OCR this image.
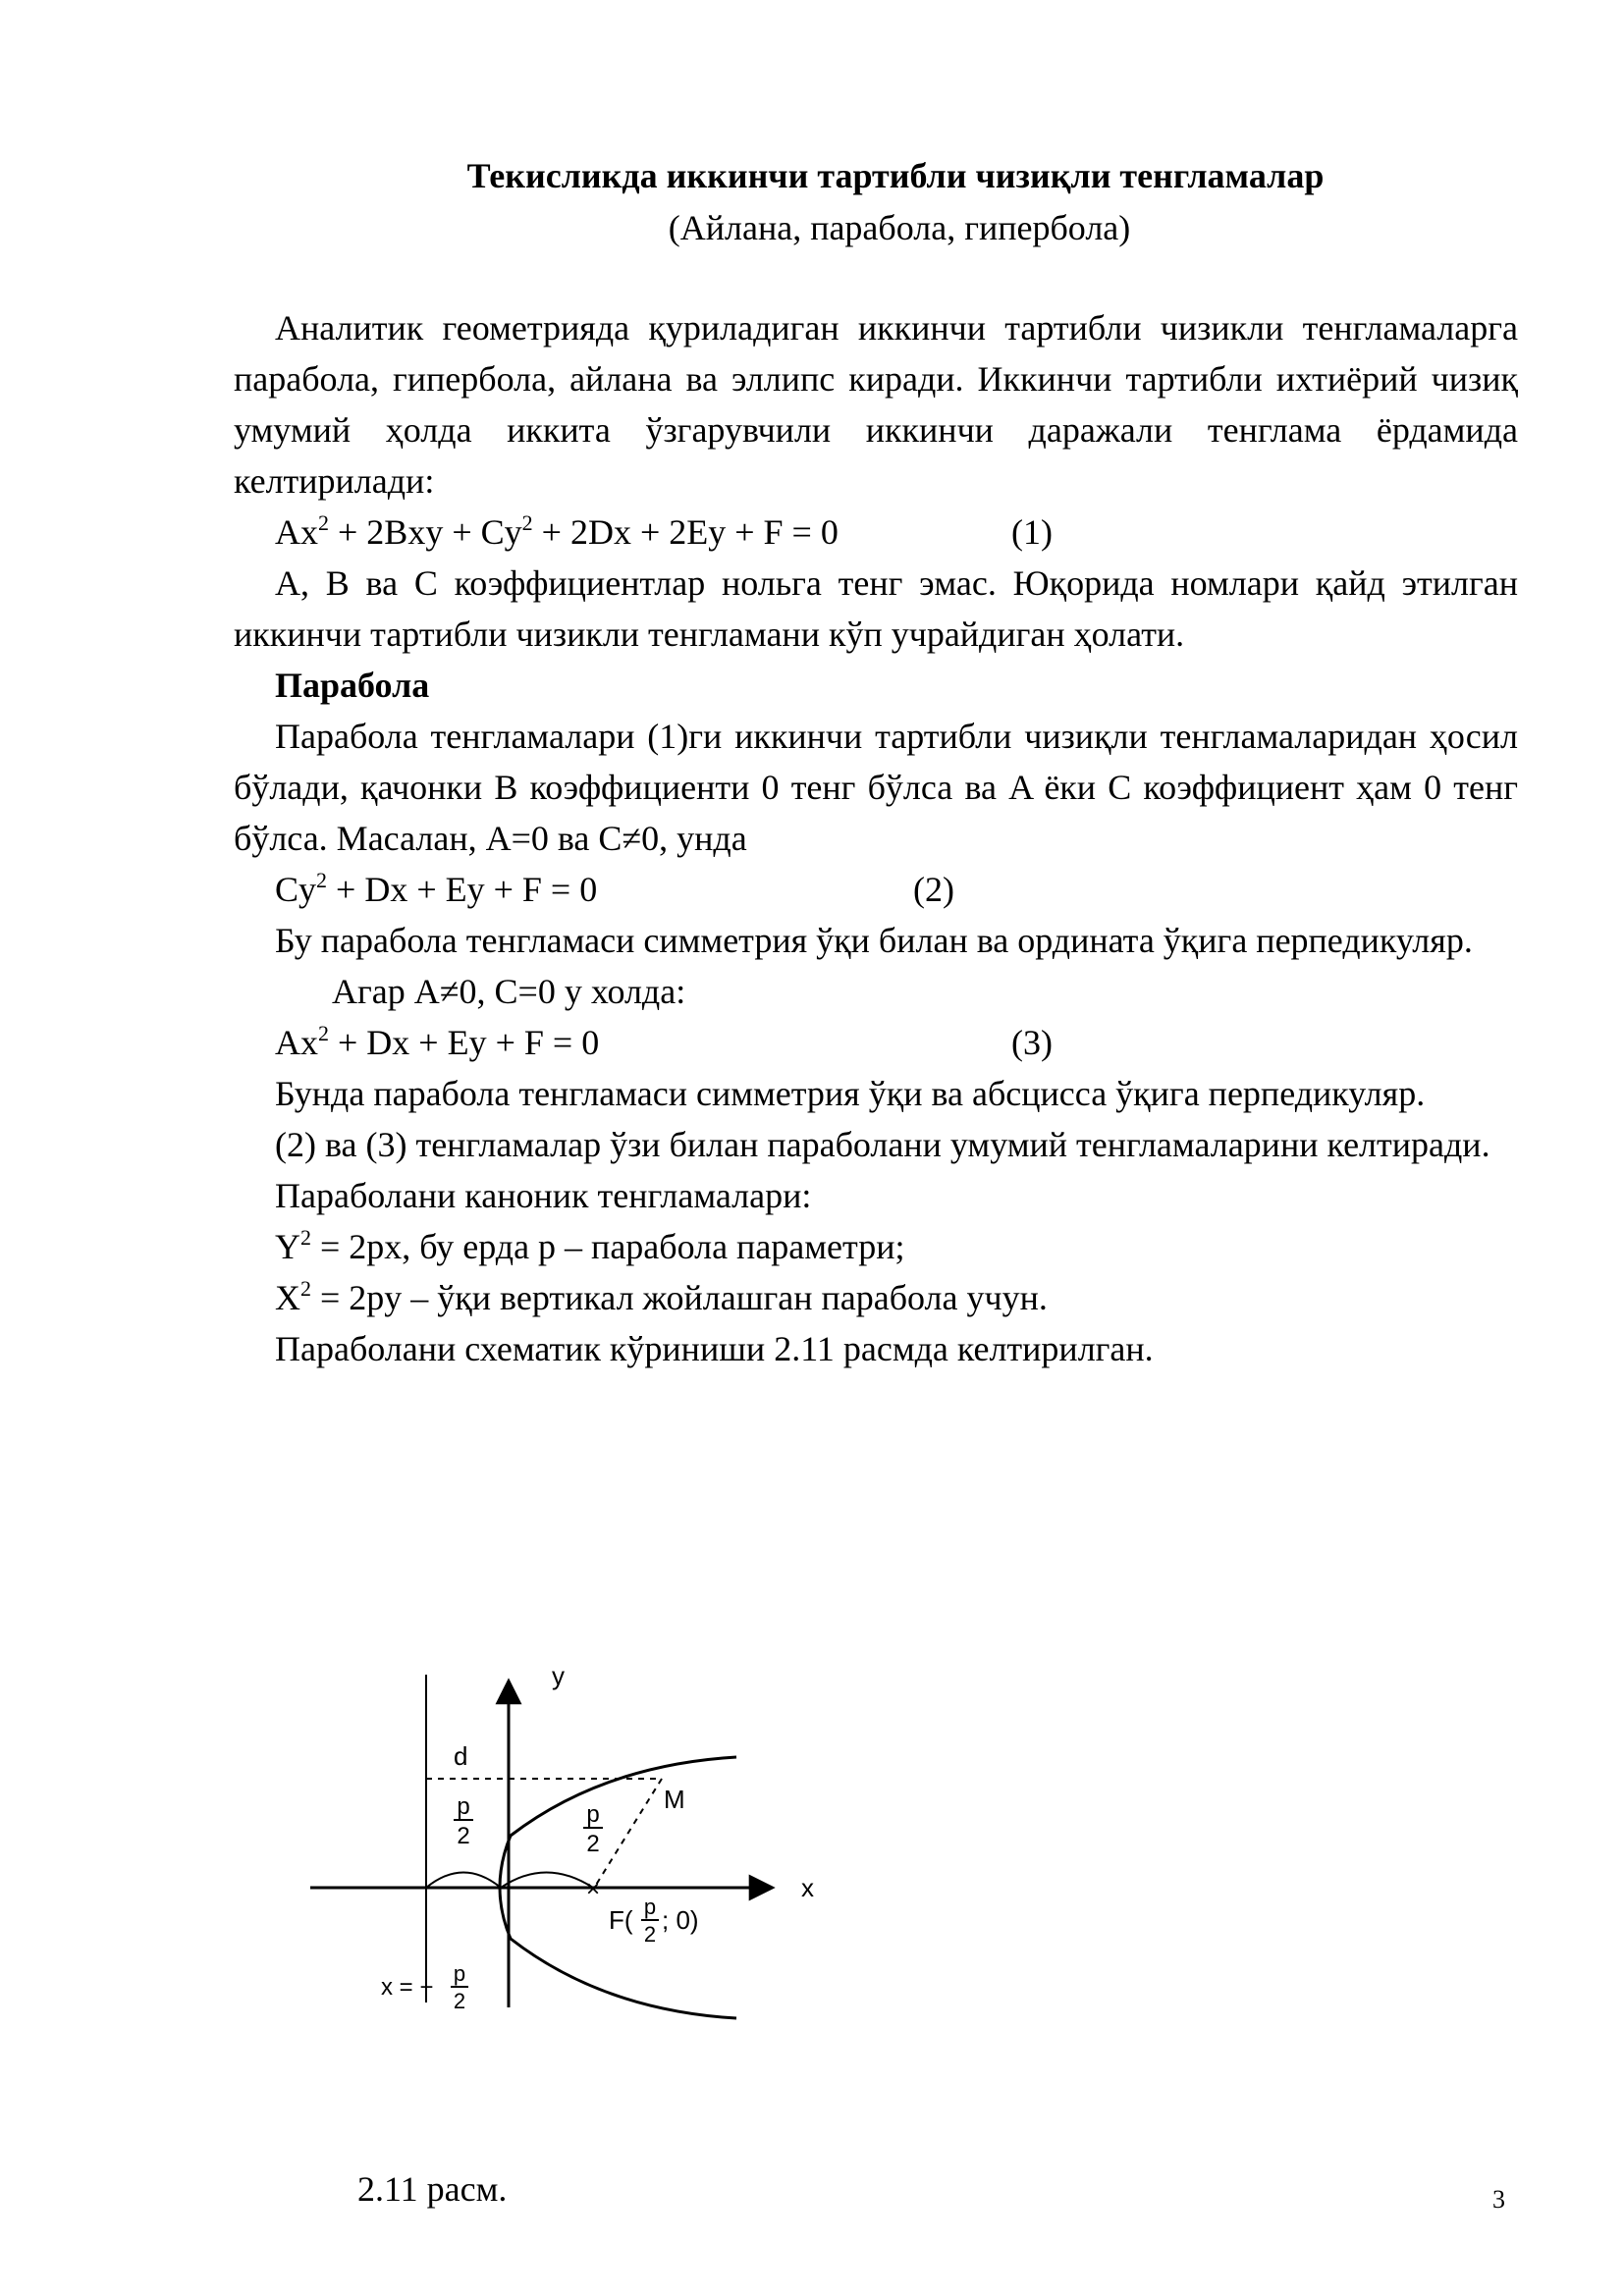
Текисликда иккинчи тартибли чизиқли тенгламалар
(Айлана, парабола, гипербола)

Аналитик геометрияда қуриладиган иккинчи тартибли чизикли тенгламаларга парабола, гипербола, айлана ва эллипс киради. Иккинчи тартибли ихтиёрий чизиқ умумий ҳолда иккита ўзгарувчили иккинчи даражали тенглама ёрдамида келтирилади:

$Ax^2 + 2Bxy + Cy^2 + 2Dx + 2Ey + F = 0$	(1)

A, B ва C коэффициентлар нольга тенг эмас. Юқорида номлари қайд этилган иккинчи тартибли чизикли тенгламани кўп учрайдиган ҳолати.

Парабола

Парабола тенгламалари (1)ги иккинчи тартибли чизиқли тенгламаларидан ҳосил бўлади, қачонки B коэффициенти 0 тенг бўлса ва A ёки C коэффициент ҳам 0 тенг бўлса. Масалан, A=0 ва C≠0, унда

$Cy^2 + Dx + Ey + F = 0$	(2)

Бу парабола тенгламаси симметрия ўқи билан ва ордината ўқига перпедикуляр.

Агар A≠0, C=0 у холда:

$Ax^2 + Dx + Ey + F = 0$	(3)

Бунда парабола тенгламаси симметрия ўқи ва абсцисса ўқига перпедикуляр.

(2) ва (3) тенгламалар ўзи билан параболани умумий тенгламаларини келтиради.

Параболани каноник тенгламалари:

$Y^2 = 2px$, бу ерда p – парабола параметри;

$X^2 = 2py$ – ўқи вертикал жойлашган парабола учун.

Параболани схематик кўриниши 2.11 расмда келтирилган.

×
y
x
d
M
p
2
p
2
F( p
2 ; 0)
x = −
p
2
2.11 расм.	3
